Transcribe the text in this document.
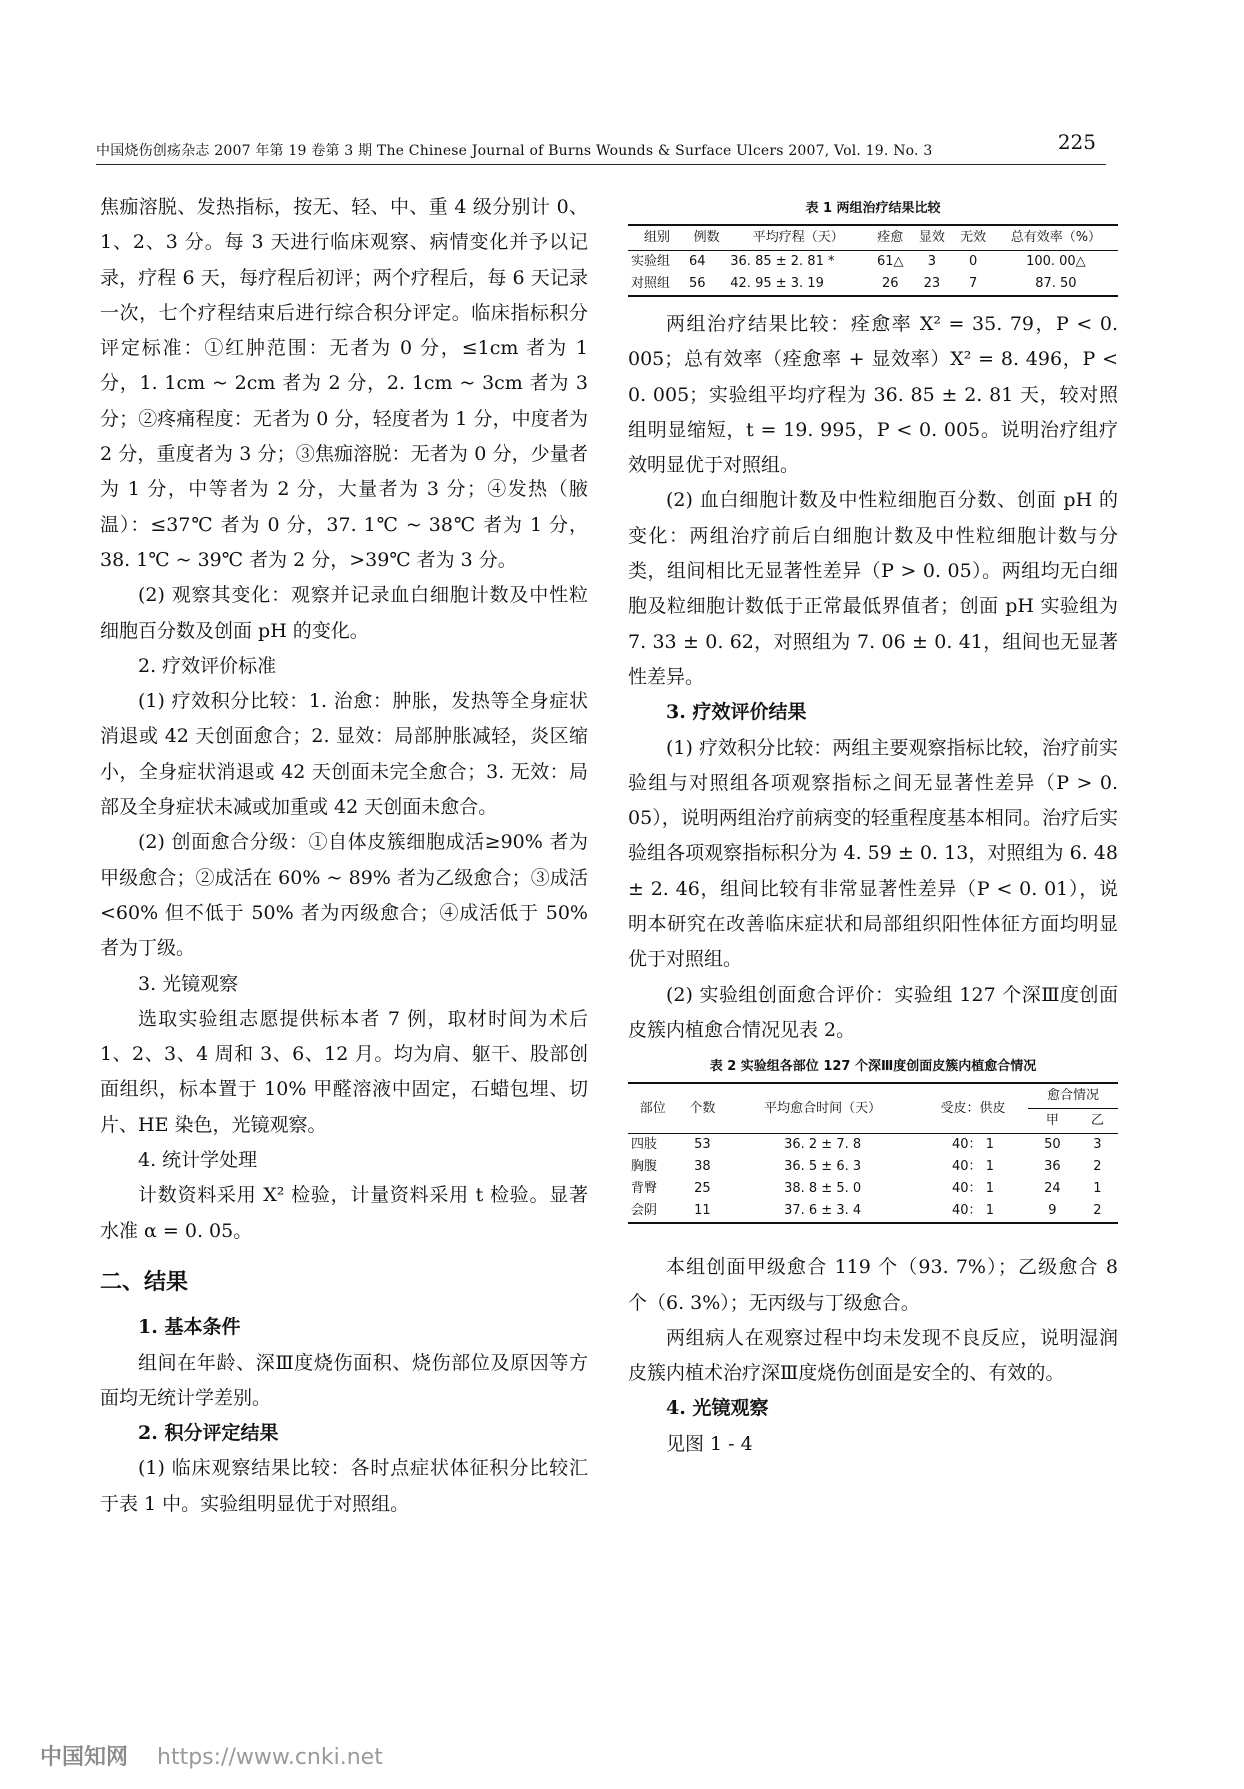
中国烧伤创疡杂志 2007 年第 19 卷第 3 期 The Chinese Journal of Burns Wounds & Surface Ulcers 2007, Vol. 19. No. 3	225

焦痂溶脱、发热指标，按无、轻、中、重 4 级分别计 0、1、2、3 分。每 3 天进行临床观察、病情变化并予以记录，疗程 6 天，每疗程后初评；两个疗程后，每 6 天记录一次，七个疗程结束后进行综合积分评定。临床指标积分评定标准：①红肿范围：无者为 0 分，≤1cm 者为 1 分，1. 1cm ~ 2cm 者为 2 分，2. 1cm ~ 3cm 者为 3 分；②疼痛程度：无者为 0 分，轻度者为 1 分，中度者为 2 分，重度者为 3 分；③焦痂溶脱：无者为 0 分，少量者为 1 分，中等者为 2 分，大量者为 3 分；④发热（腋温）：≤37℃ 者为 0 分，37. 1℃ ~ 38℃ 者为 1 分，38. 1℃ ~ 39℃ 者为 2 分，>39℃ 者为 3 分。

(2) 观察其变化：观察并记录血白细胞计数及中性粒细胞百分数及创面 pH 的变化。

2. 疗效评价标准

(1) 疗效积分比较：1. 治愈：肿胀，发热等全身症状消退或 42 天创面愈合；2. 显效：局部肿胀减轻，炎区缩小，全身症状消退或 42 天创面未完全愈合；3. 无效：局部及全身症状未减或加重或 42 天创面未愈合。

(2) 创面愈合分级：①自体皮簇细胞成活≥90% 者为甲级愈合；②成活在 60% ~ 89% 者为乙级愈合；③成活 <60% 但不低于 50% 者为丙级愈合；④成活低于 50% 者为丁级。

3. 光镜观察

选取实验组志愿提供标本者 7 例，取材时间为术后 1、2、3、4 周和 3、6、12 月。均为肩、躯干、股部创面组织，标本置于 10% 甲醛溶液中固定，石蜡包埋、切片、HE 染色，光镜观察。

4. 统计学处理

计数资料采用 X² 检验，计量资料采用 t 检验。显著水准 α = 0. 05。

二、结果

1. 基本条件

组间在年龄、深Ⅲ度烧伤面积、烧伤部位及原因等方面均无统计学差别。

2. 积分评定结果

(1) 临床观察结果比较：各时点症状体征积分比较汇于表 1 中。实验组明显优于对照组。

表 1 两组治疗结果比较
组别	例数	平均疗程（天）	痊愈	显效	无效	总有效率（%）
实验组	64	36. 85 ± 2. 81 *	61△	3	0	100. 00△
对照组	56	42. 95 ± 3. 19	26	23	7	87. 50

两组治疗结果比较：痊愈率 X² = 35. 79，P < 0. 005；总有效率（痊愈率 + 显效率）X² = 8. 496，P < 0. 005；实验组平均疗程为 36. 85 ± 2. 81 天，较对照组明显缩短，t = 19. 995，P < 0. 005。说明治疗组疗效明显优于对照组。

(2) 血白细胞计数及中性粒细胞百分数、创面 pH 的变化：两组治疗前后白细胞计数及中性粒细胞计数与分类，组间相比无显著性差异（P > 0. 05）。两组均无白细胞及粒细胞计数低于正常最低界值者；创面 pH 实验组为 7. 33 ± 0. 62，对照组为 7. 06 ± 0. 41，组间也无显著性差异。

3. 疗效评价结果

(1) 疗效积分比较：两组主要观察指标比较，治疗前实验组与对照组各项观察指标之间无显著性差异（P > 0. 05），说明两组治疗前病变的轻重程度基本相同。治疗后实验组各项观察指标积分为 4. 59 ± 0. 13，对照组为 6. 48 ± 2. 46，组间比较有非常显著性差异（P < 0. 01），说明本研究在改善临床症状和局部组织阳性体征方面均明显优于对照组。

(2) 实验组创面愈合评价：实验组 127 个深Ⅲ度创面皮簇内植愈合情况见表 2。

表 2 实验组各部位 127 个深Ⅲ度创面皮簇内植愈合情况
部位	个数	平均愈合时间（天）	受皮：供皮	愈合情况	
				甲	乙
四肢	53	36. 2 ± 7. 8	40： 1	50	3
胸腹	38	36. 5 ± 6. 3	40： 1	36	2
背臀	25	38. 8 ± 5. 0	40： 1	24	1
会阴	11	37. 6 ± 3. 4	40： 1	9	2

本组创面甲级愈合 119 个（93. 7%）；乙级愈合 8 个（6. 3%）；无丙级与丁级愈合。

两组病人在观察过程中均未发现不良反应，说明湿润皮簇内植术治疗深Ⅲ度烧伤创面是安全的、有效的。

4. 光镜观察

见图 1 - 4

中国知网 https://www.cnki.net
